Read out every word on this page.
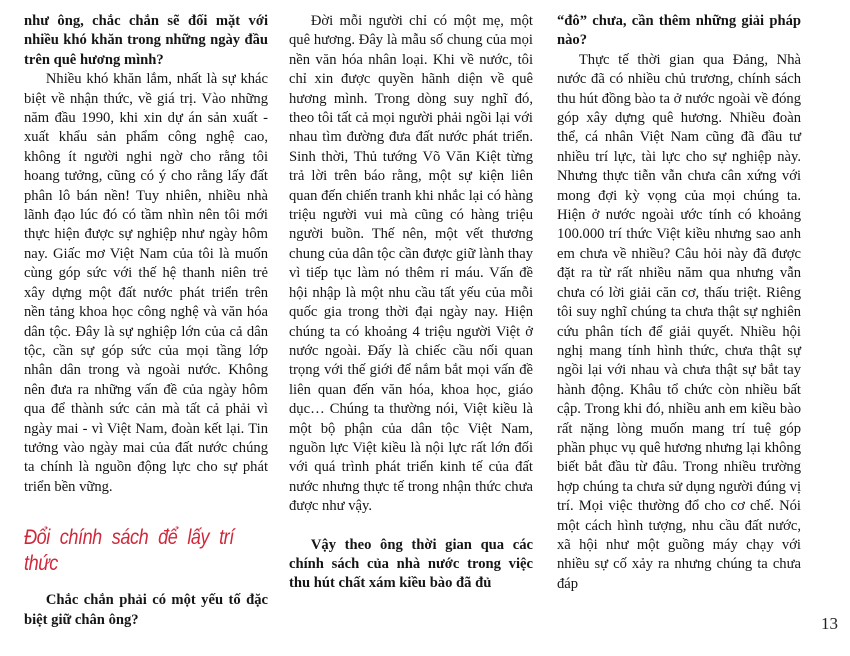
như ông, chắc chắn sẽ đối mặt với nhiều khó khăn trong những ngày đầu trên quê hương mình?

Nhiều khó khăn lắm, nhất là sự khác biệt về nhận thức, về giá trị. Vào những năm đầu 1990, khi xin dự án sản xuất - xuất khẩu sản phẩm công nghệ cao, không ít người nghi ngờ cho rằng tôi hoang tưởng, cũng có ý cho rằng lấy đất phân lô bán nền! Tuy nhiên, nhiều nhà lãnh đạo lúc đó có tầm nhìn nên tôi mới thực hiện được sự nghiệp như ngày hôm nay. Giấc mơ Việt Nam của tôi là muốn cùng góp sức với thế hệ thanh niên trẻ xây dựng một đất nước phát triển trên nền tảng khoa học công nghệ và văn hóa dân tộc. Đây là sự nghiệp lớn của cả dân tộc, cần sự góp sức của mọi tầng lớp nhân dân trong và ngoài nước. Không nên đưa ra những vấn đề của ngày hôm qua để thành sức cản mà tất cả phải vì ngày mai - vì Việt Nam, đoàn kết lại. Tin tưởng vào ngày mai của đất nước chúng ta chính là nguồn động lực cho sự phát triển bền vững.

Đổi chính sách để lấy trí thức

Chắc chắn phải có một yếu tố đặc biệt giữ chân ông?

Đời mỗi người chỉ có một mẹ, một quê hương. Đây là mẫu số chung của mọi nền văn hóa nhân loại. Khi về nước, tôi chỉ xin được quyền hãnh diện về quê hương mình. Trong dòng suy nghĩ đó, theo tôi tất cả mọi người phải ngồi lại với nhau tìm đường đưa đất nước phát triển. Sinh thời, Thủ tướng Võ Văn Kiệt từng trả lời trên báo rằng, một sự kiện liên quan đến chiến tranh khi nhắc lại có hàng triệu người vui mà cũng có hàng triệu người buồn. Thế nên, một vết thương chung của dân tộc cần được giữ lành thay vì tiếp tục làm nó thêm rỉ máu. Vấn đề hội nhập là một nhu cầu tất yếu của mỗi quốc gia trong thời đại ngày nay. Hiện chúng ta có khoảng 4 triệu người Việt ở nước ngoài. Đấy là chiếc cầu nối quan trọng với thế giới để nắm bắt mọi vấn đề liên quan đến văn hóa, khoa học, giáo dục… Chúng ta thường nói, Việt kiều là một bộ phận của dân tộc Việt Nam, nguồn lực Việt kiều là nội lực rất lớn đối với quá trình phát triển kinh tế của đất nước nhưng thực tế trong nhận thức chưa được như vậy.

Vậy theo ông thời gian qua các chính sách của nhà nước trong việc thu hút chất xám kiều bào đã đủ

“đô” chưa, cần thêm những giải pháp nào?

Thực tế thời gian qua Đảng, Nhà nước đã có nhiều chủ trương, chính sách thu hút đồng bào ta ở nước ngoài về đóng góp xây dựng quê hương. Nhiều đoàn thể, cá nhân Việt Nam cũng đã đầu tư nhiều trí lực, tài lực cho sự nghiệp này. Nhưng thực tiễn vẫn chưa cân xứng với mong đợi kỳ vọng của mọi chúng ta. Hiện ở nước ngoài ước tính có khoảng 100.000 trí thức Việt kiều nhưng sao anh em chưa về nhiều? Câu hỏi này đã được đặt ra từ rất nhiều năm qua nhưng vẫn chưa có lời giải căn cơ, thấu triệt. Riêng tôi suy nghĩ chúng ta chưa thật sự nghiên cứu phân tích để giải quyết. Nhiều hội nghị mang tính hình thức, chưa thật sự ngồi lại với nhau và chưa thật sự bắt tay hành động. Khâu tổ chức còn nhiều bất cập. Trong khi đó, nhiều anh em kiều bào rất nặng lòng muốn mang trí tuệ góp phần phục vụ quê hương nhưng lại không biết bắt đầu từ đâu. Trong nhiều trường hợp chúng ta chưa sử dụng người đúng vị trí. Mọi việc thường đổ cho cơ chế. Nói một cách hình tượng, nhu cầu đất nước, xã hội như một guồng máy chạy với nhiều sự cố xảy ra nhưng chúng ta chưa đáp

13
